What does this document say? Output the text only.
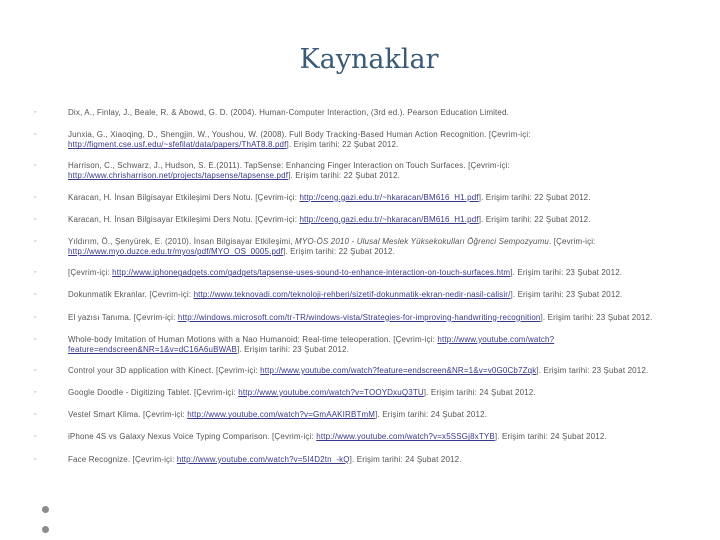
Kaynaklar
◦	Dix, A., Finlay, J., Beale, R. & Abowd, G. D. (2004). Human-Computer Interaction, (3rd ed.). Pearson Education Limited.
◦	Junxia, G., Xiaoqing, D., Shengjin, W., Youshou, W. (2008). Full Body Tracking-Based Human Action Recognition. [Çevrim-içi: http://figment.cse.usf.edu/~sfefilat/data/papers/ThAT8.8.pdf]. Erişim tarihi: 22 Şubat 2012.
◦	Harrison, C., Schwarz, J., Hudson, S. E.(2011). TapSense: Enhancing Finger Interaction on Touch Surfaces. [Çevrim-içi: http://www.chrisharrison.net/projects/tapsense/tapsense.pdf]. Erişim tarihi: 22 Şubat 2012.
◦	Karacan, H. İnsan Bilgisayar Etkileşimi Ders Notu. [Çevrim-içi: http://ceng.gazi.edu.tr/~hkaracan/BM616_H1.pdf]. Erişim tarihi: 22 Şubat 2012.
◦	Karacan, H. İnsan Bilgisayar Etkileşimi Ders Notu. [Çevrim-içi: http://ceng.gazi.edu.tr/~hkaracan/BM616_H1.pdf]. Erişim tarihi: 22 Şubat 2012.
◦	Yıldırım, Ö., Şenyürek, E. (2010). İnsan Bilgisayar Etkileşimi, MYO-ÖS 2010 - Ulusal Meslek Yüksekokulları Öğrenci Sempozyumu. [Çevrim-içi: http://www.myo.duzce.edu.tr/myos/pdf/MYO_OS_0005.pdf]. Erişim tarihi: 22 Şubat 2012.
◦	[Çevrim-içi: http://www.iphonegadgets.com/gadgets/tapsense-uses-sound-to-enhance-interaction-on-touch-surfaces.htm]. Erişim tarihi: 23 Şubat 2012.
◦	Dokunmatik Ekranlar. [Çevrim-içi: http://www.teknovadi.com/teknoloji-rehberi/sizetif-dokunmatik-ekran-nedir-nasil-calisir/]. Erişim tarihi: 23 Şubat 2012.
◦	El yazısı Tanıma. [Çevrim-içi: http://windows.microsoft.com/tr-TR/windows-vista/Strategies-for-improving-handwriting-recognition]. Erişim tarihi: 23 Şubat 2012.
◦	Whole-body Imitation of Human Motions with a Nao Humanoid: Real-time teleoperation. [Çevrim-içi: http://www.youtube.com/watch?feature=endscreen&NR=1&v=dC16A6uBWAB]. Erişim tarihi: 23 Şubat 2012.
◦	Control your 3D application with Kinect. [Çevrim-içi: http://www.youtube.com/watch?feature=endscreen&NR=1&v=v0G0Cb7Zqk]. Erişim tarihi: 23 Şubat 2012.
◦	Google Doodle - Digitizing Tablet. [Çevrim-içi: http://www.youtube.com/watch?v=TOOYDxuQ3TU]. Erişim tarihi: 24 Şubat 2012.
◦	Vestel Smart Klima. [Çevrim-içi: http://www.youtube.com/watch?v=GmAAKIRBTmM]. Erişim tarihi: 24 Şubat 2012.
◦	iPhone 4S vs Galaxy Nexus Voice Typing Comparison. [Çevrim-içi: http://www.youtube.com/watch?v=x5SSGj8xTYB]. Erişim tarihi: 24 Şubat 2012.
◦	Face Recognize. [Çevrim-içi: http://www.youtube.com/watch?v=5I4D2tn_-kQ]. Erişim tarihi: 24 Şubat 2012.
